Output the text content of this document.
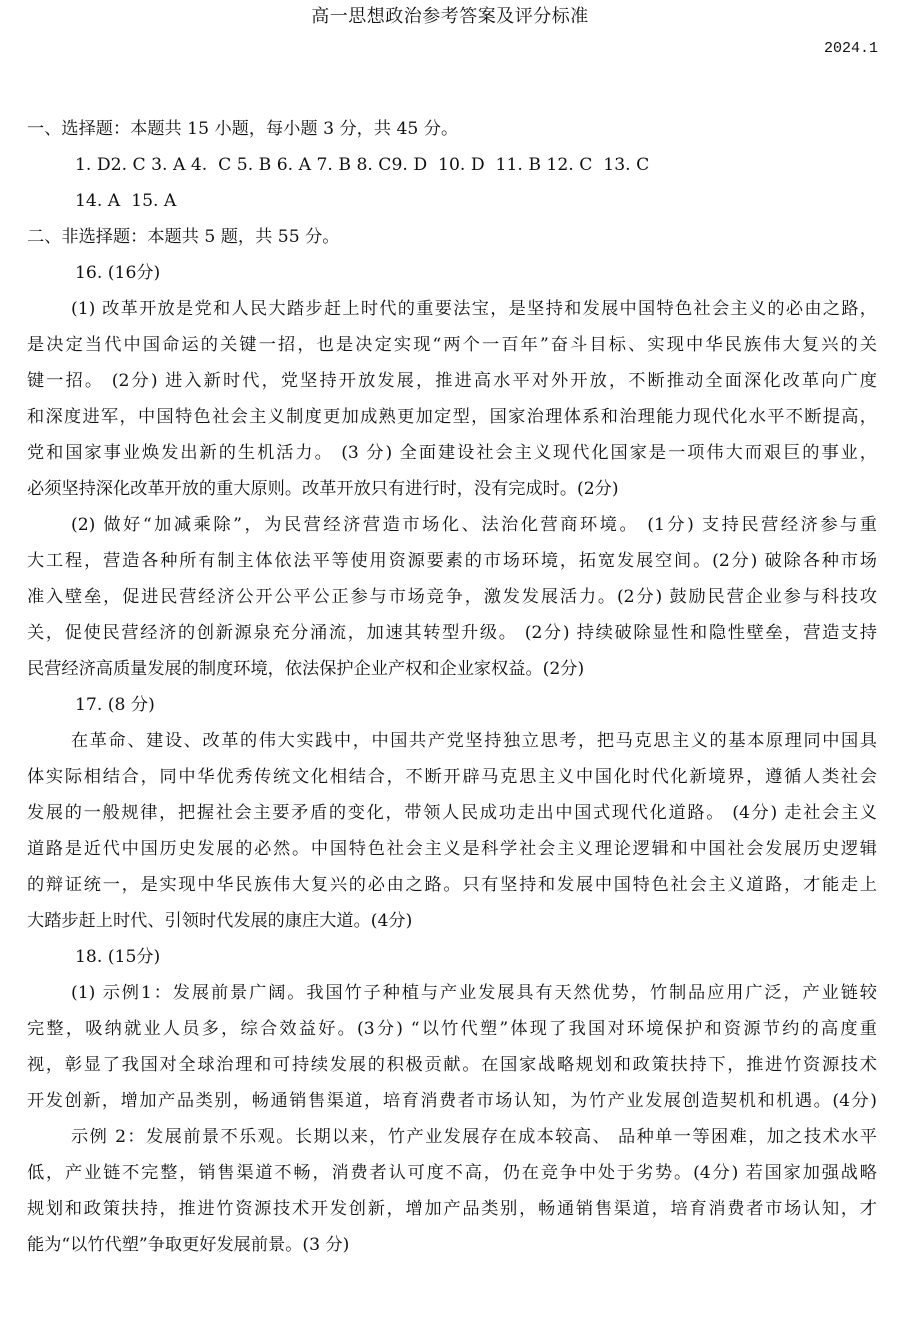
高一思想政治参考答案及评分标准
2024.1
一、选择题：本题共 15 小题，每小题 3 分，共 45 分。
1. D2. C 3. A 4.  C 5. B 6. A 7. B 8. C9. D  10. D  11. B 12. C  13. C
14. A  15. A
二、非选择题：本题共 5 题，共 55 分。
16. (16分)
(1) 改革开放是党和人民大踏步赶上时代的重要法宝，是坚持和发展中国特色社会主义的必由之路，
是决定当代中国命运的关键一招，也是决定实现“两个一百年”奋斗目标、实现中华民族伟大复兴的关
键一招。 (2分) 进入新时代，党坚持开放发展，推进高水平对外开放，不断推动全面深化改革向广度
和深度进军，中国特色社会主义制度更加成熟更加定型，国家治理体系和治理能力现代化水平不断提高，
党和国家事业焕发出新的生机活力。 (3 分) 全面建设社会主义现代化国家是一项伟大而艰巨的事业，
必须坚持深化改革开放的重大原则。改革开放只有进行时，没有完成时。(2分)
(2) 做好“加减乘除”，为民营经济营造市场化、法治化营商环境。 (1分) 支持民营经济参与重
大工程，营造各种所有制主体依法平等使用资源要素的市场环境，拓宽发展空间。(2分) 破除各种市场
准入壁垒，促进民营经济公开公平公正参与市场竞争，激发发展活力。(2分) 鼓励民营企业参与科技攻
关，促使民营经济的创新源泉充分涌流，加速其转型升级。 (2分) 持续破除显性和隐性壁垒，营造支持
民营经济高质量发展的制度环境，依法保护企业产权和企业家权益。(2分)
17. (8 分)
在革命、建设、改革的伟大实践中，中国共产党坚持独立思考，把马克思主义的基本原理同中国具
体实际相结合，同中华优秀传统文化相结合，不断开辟马克思主义中国化时代化新境界，遵循人类社会
发展的一般规律，把握社会主要矛盾的变化，带领人民成功走出中国式现代化道路。 (4分) 走社会主义
道路是近代中国历史发展的必然。中国特色社会主义是科学社会主义理论逻辑和中国社会发展历史逻辑
的辩证统一，是实现中华民族伟大复兴的必由之路。只有坚持和发展中国特色社会主义道路，才能走上
大踏步赶上时代、引领时代发展的康庄大道。(4分)
18. (15分)
(1) 示例1：发展前景广阔。我国竹子种植与产业发展具有天然优势，竹制品应用广泛，产业链较
完整，吸纳就业人员多，综合效益好。(3分) “以竹代塑”体现了我国对环境保护和资源节约的高度重
视，彰显了我国对全球治理和可持续发展的积极贡献。在国家战略规划和政策扶持下，推进竹资源技术
开发创新，增加产品类别，畅通销售渠道，培育消费者市场认知，为竹产业发展创造契机和机遇。(4分)
示例 2：发展前景不乐观。长期以来，竹产业发展存在成本较高、 品种单一等困难，加之技术水平
低，产业链不完整，销售渠道不畅，消费者认可度不高，仍在竞争中处于劣势。(4分) 若国家加强战略
规划和政策扶持，推进竹资源技术开发创新，增加产品类别，畅通销售渠道，培育消费者市场认知，才
能为“以竹代塑”争取更好发展前景。(3 分)
